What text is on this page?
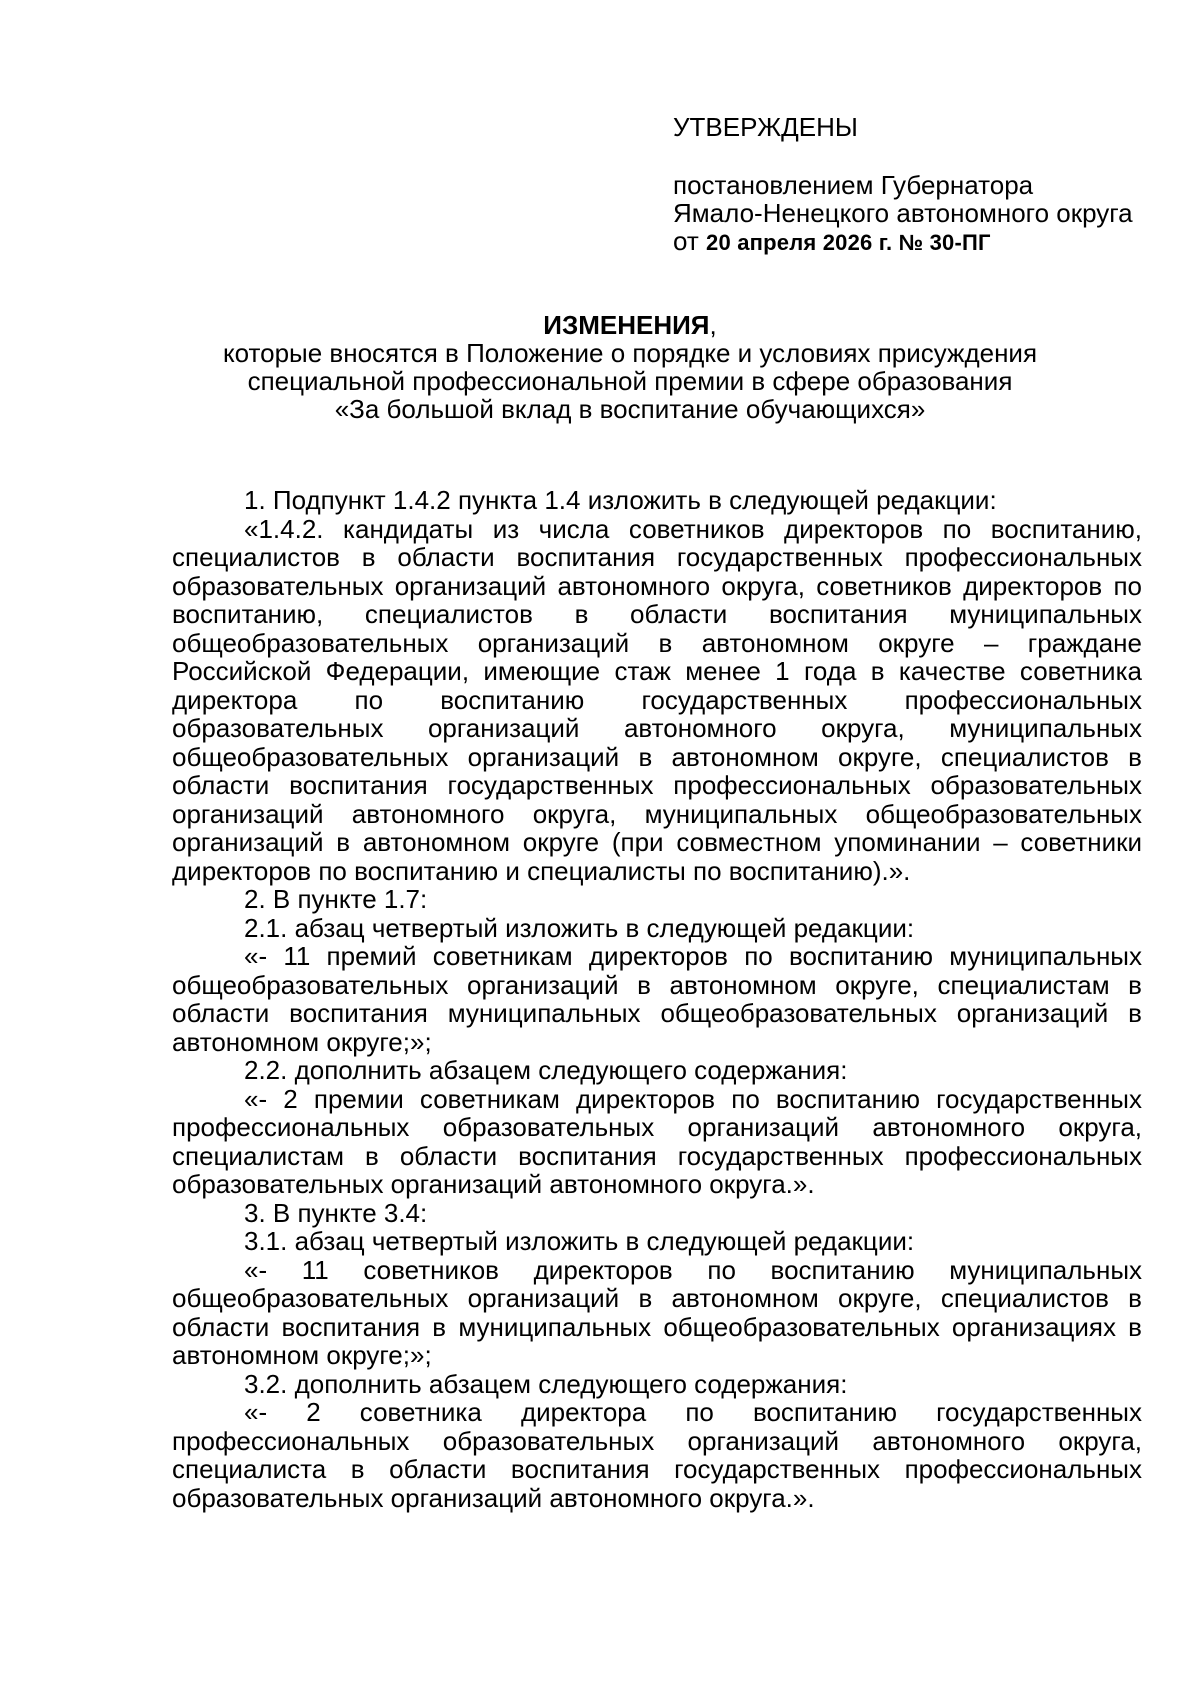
УТВЕРЖДЕНЫ

постановлением Губернатора

Ямало-Ненецкого автономного округа

от 20 апреля 2026 г. № 30-ПГ

ИЗМЕНЕНИЯ,

которые вносятся в Положение о порядке и условиях присуждения

специальной профессиональной премии в сфере образования

«За большой вклад в воспитание обучающихся»

1. Подпункт 1.4.2 пункта 1.4 изложить в следующей редакции:

«1.4.2. кандидаты из числа советников директоров по воспитанию, специалистов в области воспитания государственных профессиональных образовательных организаций автономного округа, советников директоров по воспитанию, специалистов в области воспитания муниципальных общеобразовательных организаций в автономном округе – граждане Российской Федерации, имеющие стаж менее 1 года в качестве советника директора по воспитанию государственных профессиональных образовательных организаций автономного округа, муниципальных общеобразовательных организаций в автономном округе, специалистов в области воспитания государственных профессиональных образовательных организаций автономного округа, муниципальных общеобразовательных организаций в автономном округе (при совместном упоминании – советники директоров по воспитанию и специалисты по воспитанию).».

2. В пункте 1.7:

2.1. абзац четвертый изложить в следующей редакции:

«- 11 премий советникам директоров по воспитанию муниципальных общеобразовательных организаций в автономном округе, специалистам в области воспитания муниципальных общеобразовательных организаций в автономном округе;»;

2.2. дополнить абзацем следующего содержания:

«- 2 премии советникам директоров по воспитанию государственных профессиональных образовательных организаций автономного округа, специалистам в области воспитания государственных профессиональных образовательных организаций автономного округа.».

3. В пункте 3.4:

3.1. абзац четвертый изложить в следующей редакции:

«- 11 советников директоров по воспитанию муниципальных общеобразовательных организаций в автономном округе, специалистов в области воспитания в муниципальных общеобразовательных организациях в автономном округе;»;

3.2. дополнить абзацем следующего содержания:

«- 2 советника директора по воспитанию государственных профессиональных образовательных организаций автономного округа, специалиста в области воспитания государственных профессиональных образовательных организаций автономного округа.».
